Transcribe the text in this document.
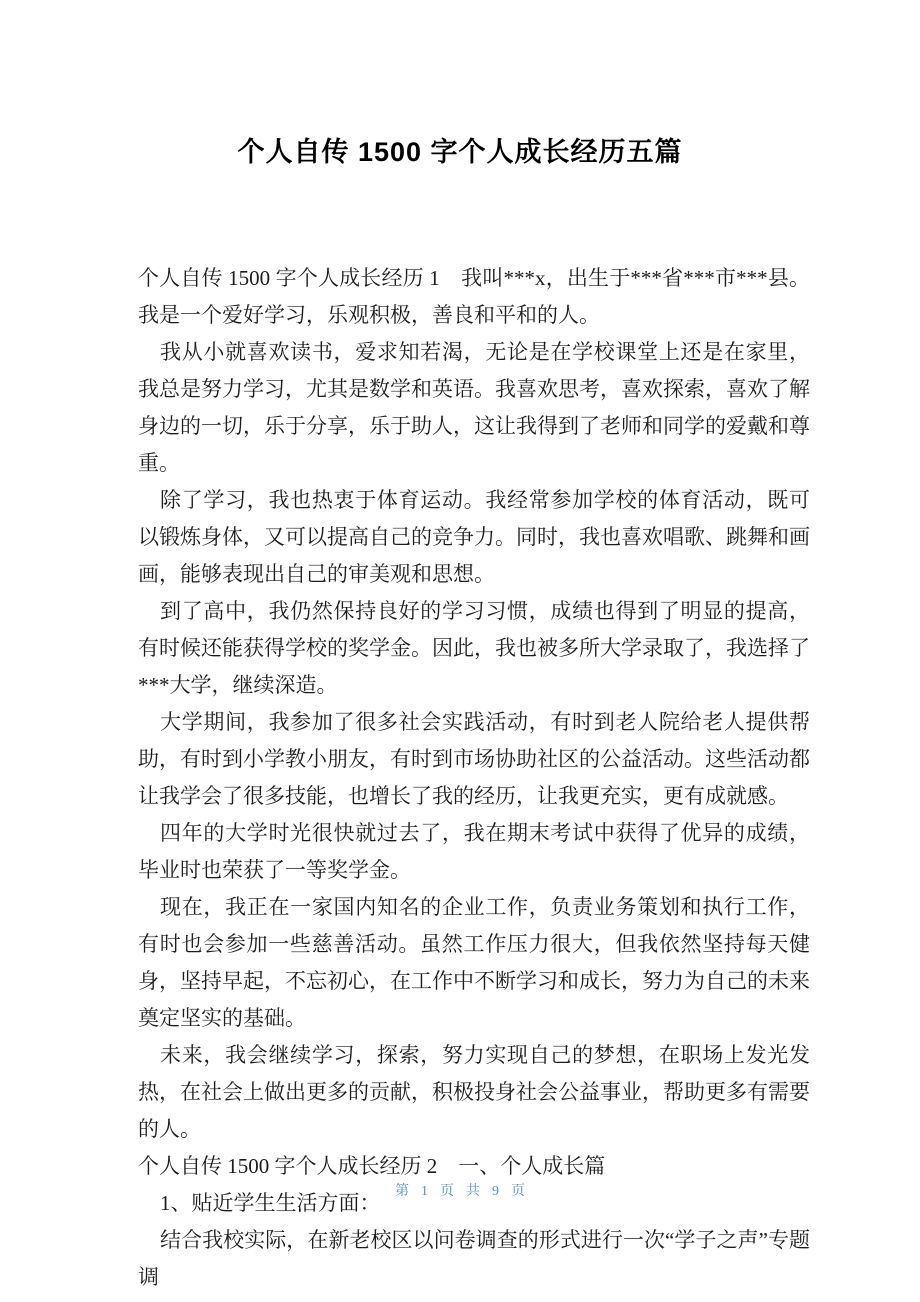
个人自传 1500 字个人成长经历五篇

个人自传 1500 字个人成长经历 1　我叫***x，出生于***省***市***县。我是一个爱好学习，乐观积极，善良和平和的人。

我从小就喜欢读书，爱求知若渴，无论是在学校课堂上还是在家里，我总是努力学习，尤其是数学和英语。我喜欢思考，喜欢探索，喜欢了解身边的一切，乐于分享，乐于助人，这让我得到了老师和同学的爱戴和尊重。

除了学习，我也热衷于体育运动。我经常参加学校的体育活动，既可以锻炼身体，又可以提高自己的竞争力。同时，我也喜欢唱歌、跳舞和画画，能够表现出自己的审美观和思想。

到了高中，我仍然保持良好的学习习惯，成绩也得到了明显的提高，有时候还能获得学校的奖学金。因此，我也被多所大学录取了，我选择了***大学，继续深造。

大学期间，我参加了很多社会实践活动，有时到老人院给老人提供帮助，有时到小学教小朋友，有时到市场协助社区的公益活动。这些活动都让我学会了很多技能，也增长了我的经历，让我更充实，更有成就感。

四年的大学时光很快就过去了，我在期末考试中获得了优异的成绩，毕业时也荣获了一等奖学金。

现在，我正在一家国内知名的企业工作，负责业务策划和执行工作，有时也会参加一些慈善活动。虽然工作压力很大，但我依然坚持每天健身，坚持早起，不忘初心，在工作中不断学习和成长，努力为自己的未来奠定坚实的基础。

未来，我会继续学习，探索，努力实现自己的梦想，在职场上发光发热，在社会上做出更多的贡献，积极投身社会公益事业，帮助更多有需要的人。

个人自传 1500 字个人成长经历 2　一、个人成长篇

1、贴近学生生活方面：

结合我校实际，在新老校区以问卷调查的形式进行一次“学子之声”专题调

第 1 页 共 9 页
